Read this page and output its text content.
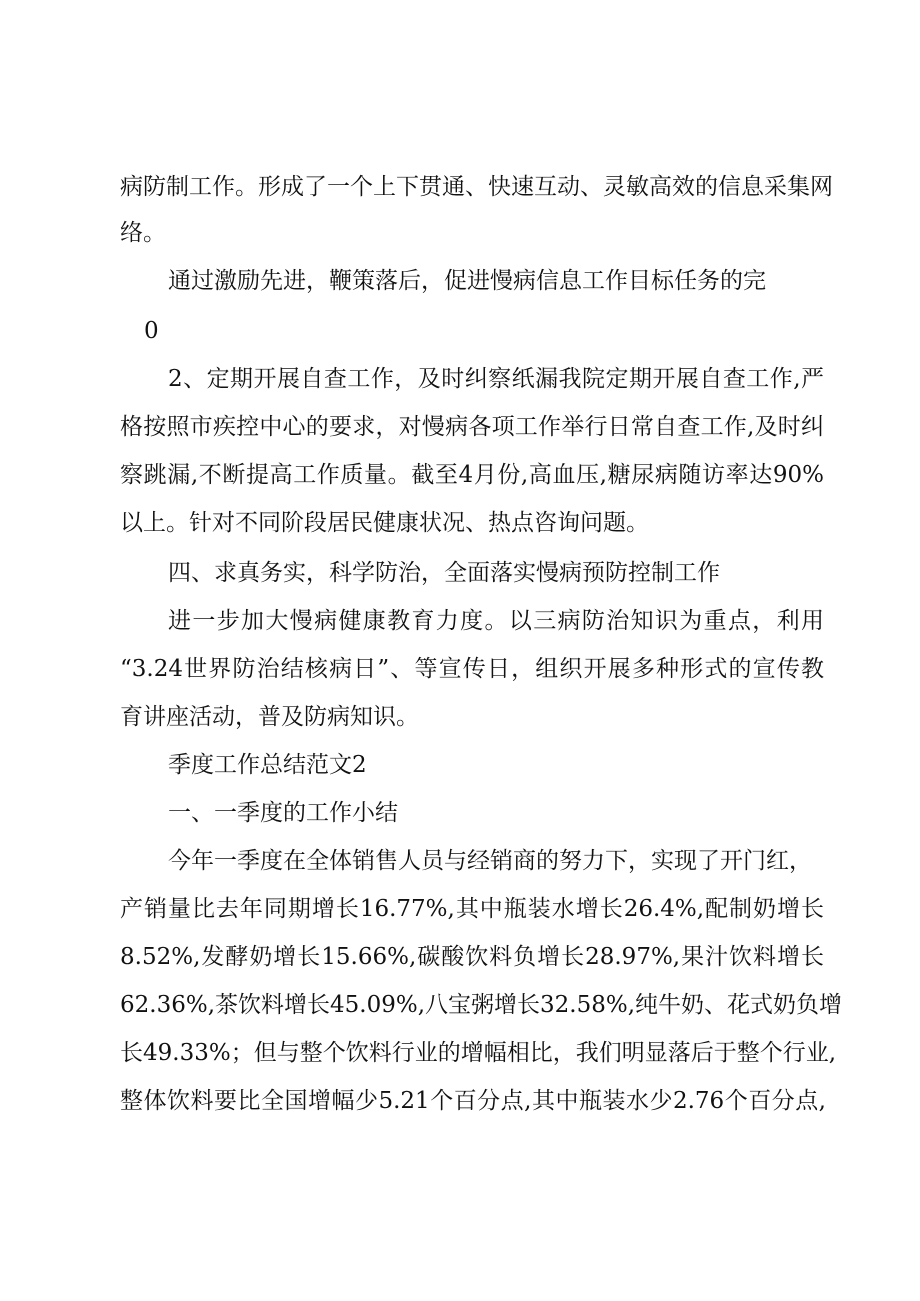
病防制工作。形成了一个上下贯通、快速互动、灵敏高效的信息采集网
络。
通过激励先进，鞭策落后，促进慢病信息工作目标任务的完
0
2、定期开展自查工作，及时纠察纸漏我院定期开展自查工作,严
格按照市疾控中心的要求，对慢病各项工作举行日常自查工作,及时纠
察跳漏,不断提高工作质量。截至4月份,高血压,糖尿病随访率达90%
以上。针对不同阶段居民健康状况、热点咨询问题。
四、求真务实，科学防治，全面落实慢病预防控制工作
进一步加大慢病健康教育力度。以三病防治知识为重点，利用
“3.24世界防治结核病日”、等宣传日，组织开展多种形式的宣传教
育讲座活动，普及防病知识。
季度工作总结范文2
一、一季度的工作小结
今年一季度在全体销售人员与经销商的努力下，实现了开门红，
产销量比去年同期增长16.77%,其中瓶装水增长26.4%,配制奶增长
8.52%,发酵奶增长15.66%,碳酸饮料负增长28.97%,果汁饮料增长
62.36%,茶饮料增长45.09%,八宝粥增长32.58%,纯牛奶、花式奶负增
长49.33%；但与整个饮料行业的增幅相比，我们明显落后于整个行业,
整体饮料要比全国增幅少5.21个百分点,其中瓶装水少2.76个百分点,
